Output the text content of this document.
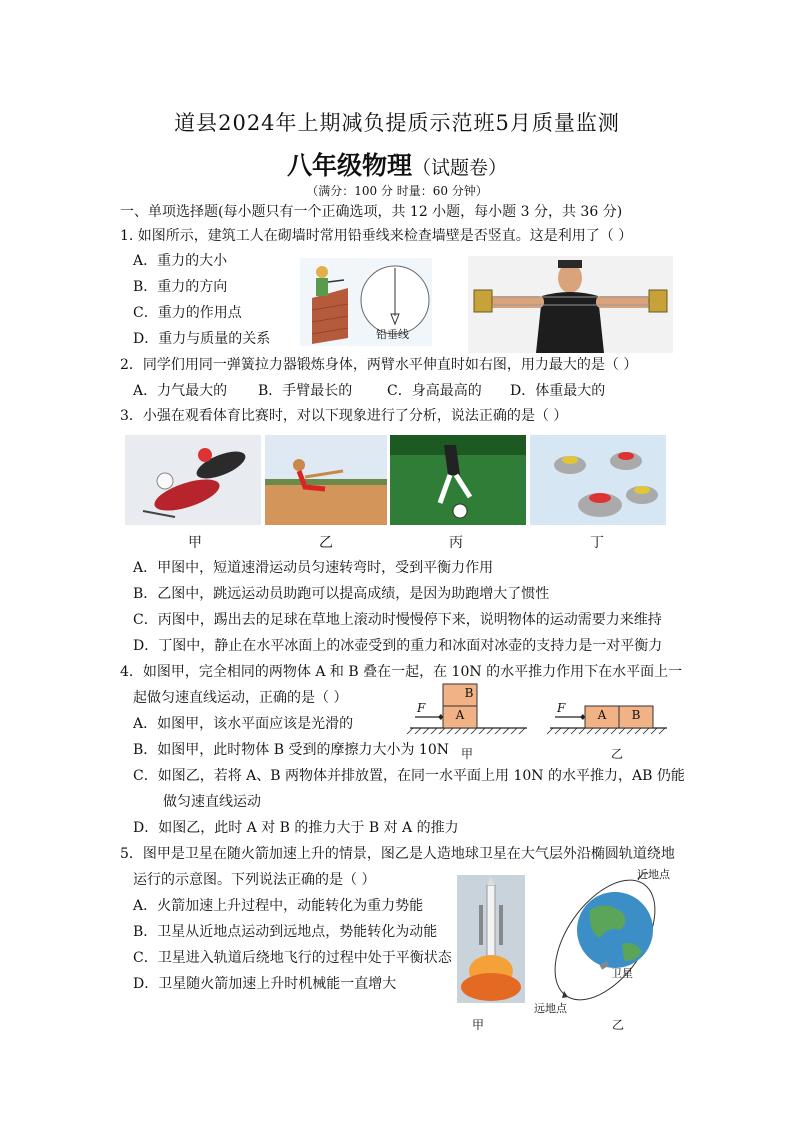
道县2024年上期减负提质示范班5月质量监测
八年级物理（试题卷）
（满分：100 分 时量：60 分钟）
一、单项选择题(每小题只有一个正确选项，共 12 小题，每小题 3 分，共 36 分)
1. 如图所示，建筑工人在砌墙时常用铅垂线来检查墙壁是否竖直。这是利用了（ ）
A．重力的大小
B．重力的方向
C．重力的作用点
D．重力与质量的关系	铅垂线
2．同学们用同一弹簧拉力器锻炼身体，两臂水平伸直时如右图，用力最大的是（ ）
A．力气最大的 B．手臂最长的 C．身高最高的 D．体重最大的
3．小强在观看体育比赛时，对以下现象进行了分析，说法正确的是（ ）
甲	乙	丙	丁
A．甲图中，短道速滑运动员匀速转弯时，受到平衡力作用
B．乙图中，跳远运动员助跑可以提高成绩，是因为助跑增大了惯性
C．丙图中，踢出去的足球在草地上滚动时慢慢停下来，说明物体的运动需要力来维持
D．丁图中，静止在水平冰面上的冰壶受到的重力和冰面对冰壶的支持力是一对平衡力
4．如图甲，完全相同的两物体 A 和 B 叠在一起，在 10N 的水平推力作用下在水平面上一
起做匀速直线运动，正确的是（ ）
A．如图甲，该水平面应该是光滑的
B．如图甲，此时物体 B 受到的摩擦力大小为 10N
C．如图乙，若将 A、B 两物体并排放置，在同一水平面上用 10N 的水平推力，AB 仍能
做匀速直线运动
D．如图乙，此时 A 对 B 的推力大于 B 对 A 的推力
F
B
A	F	A	B
甲	乙
5．图甲是卫星在随火箭加速上升的情景，图乙是人造地球卫星在大气层外沿椭圆轨道绕地
运行的示意图。下列说法正确的是（ ）
A．火箭加速上升过程中，动能转化为重力势能
B．卫星从近地点运动到远地点，势能转化为动能
C．卫星进入轨道后绕地飞行的过程中处于平衡状态
D．卫星随火箭加速上升时机械能一直增大
近地点
远地点
卫星
甲	乙
